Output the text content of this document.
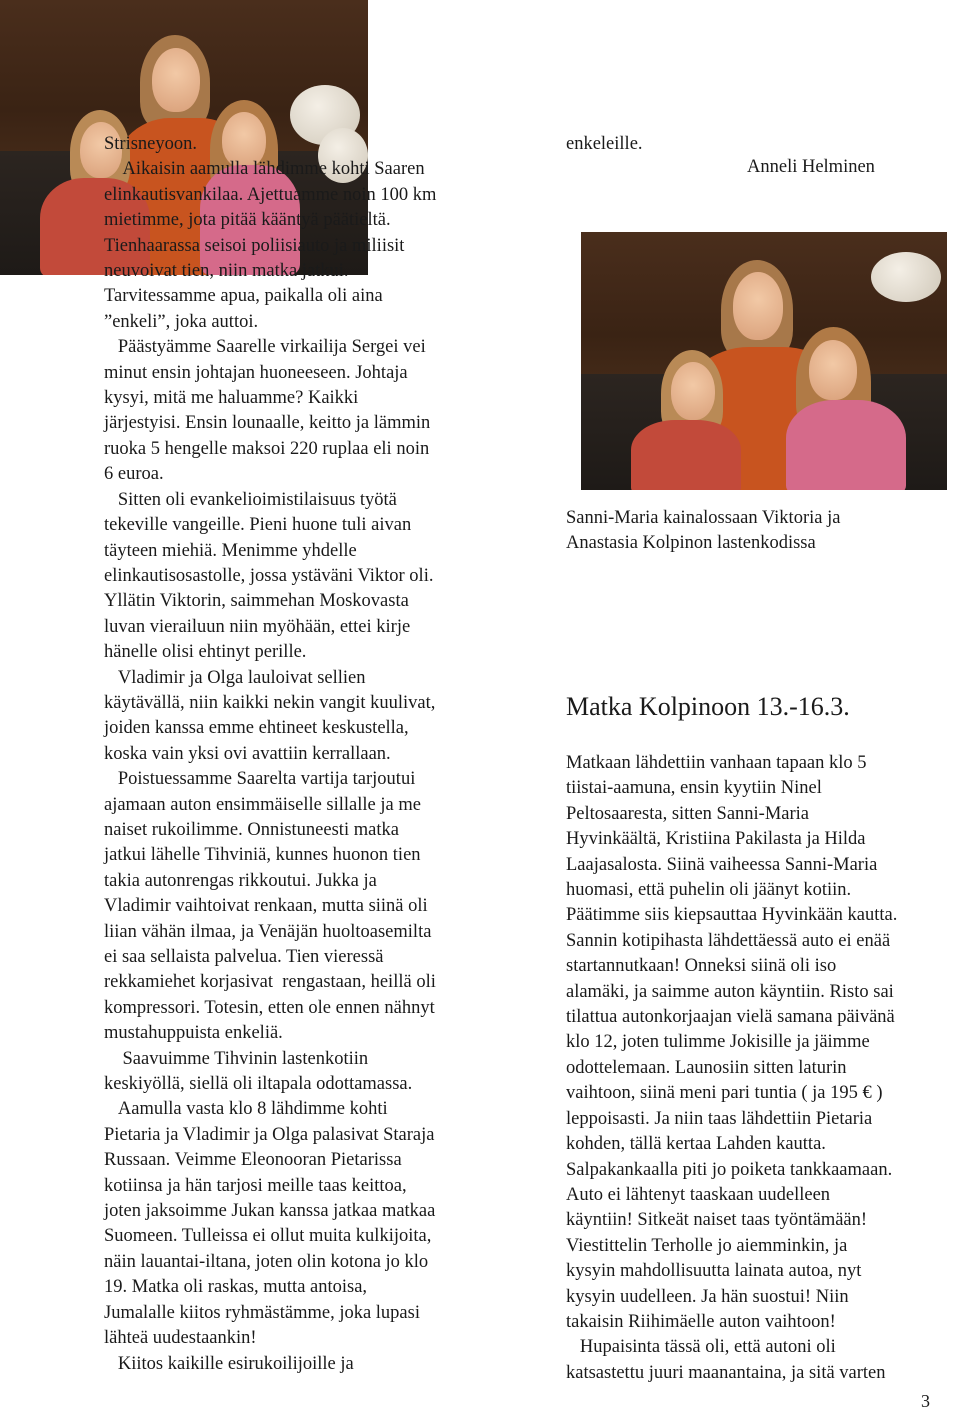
Strisneyoon.
Aikaisin aamulla lähdimme kohti Saaren
elinkautisvankilaa. Ajettuamme noin 100 km
mietimme, jota pitää kääntyä päätieltä.
Tienhaarassa seisoi poliisiauto ja miliisit
neuvoivat tien, niin matka jatkui.
Tarvitessamme apua, paikalla oli aina
”enkeli”, joka auttoi.
Päästyämme Saarelle virkailija Sergei vei
minut ensin johtajan huoneeseen. Johtaja
kysyi, mitä me haluamme? Kaikki
järjestyisi. Ensin lounaalle, keitto ja lämmin
ruoka 5 hengelle maksoi 220 ruplaa eli noin
6 euroa.
Sitten oli evankelioimistilaisuus työtä
tekeville vangeille. Pieni huone tuli aivan
täyteen miehiä. Menimme yhdelle
elinkautisosastolle, jossa ystäväni Viktor oli.
Yllätin Viktorin, saimmehan Moskovasta
luvan vierailuun niin myöhään, ettei kirje
hänelle olisi ehtinyt perille.
Vladimir ja Olga lauloivat sellien
käytävällä, niin kaikki nekin vangit kuulivat,
joiden kanssa emme ehtineet keskustella,
koska vain yksi ovi avattiin kerrallaan.
Poistuessamme Saarelta vartija tarjoutui
ajamaan auton ensimmäiselle sillalle ja me
naiset rukoilimme. Onnistuneesti matka
jatkui lähelle Tihviniä, kunnes huonon tien
takia autonrengas rikkoutui. Jukka ja
Vladimir vaihtoivat renkaan, mutta siinä oli
liian vähän ilmaa, ja Venäjän huoltoasemilta
ei saa sellaista palvelua. Tien vieressä
rekkamiehet korjasivat  rengastaan, heillä oli
kompressori. Totesin, etten ole ennen nähnyt
mustahuppuista enkeliä.
Saavuimme Tihvinin lastenkotiin
keskiyöllä, siellä oli iltapala odottamassa.
Aamulla vasta klo 8 lähdimme kohti
Pietaria ja Vladimir ja Olga palasivat Staraja
Russaan. Veimme Eleonooran Pietarissa
kotiinsa ja hän tarjosi meille taas keittoa,
joten jaksoimme Jukan kanssa jatkaa matkaa
Suomeen. Tulleissa ei ollut muita kulkijoita,
näin lauantai-iltana, joten olin kotona jo klo
19. Matka oli raskas, mutta antoisa,
Jumalalle kiitos ryhmästämme, joka lupasi
lähteä uudestaankin!
Kiitos kaikille esirukoilijoille ja
enkeleille.
Anneli Helminen
Sanni-Maria kainalossaan Viktoria ja
Anastasia Kolpinon lastenkodissa
Matka Kolpinoon 13.-16.3.
Matkaan lähdettiin vanhaan tapaan klo 5
tiistai-aamuna, ensin kyytiin Ninel
Peltosaaresta, sitten Sanni-Maria
Hyvinkäältä, Kristiina Pakilasta ja Hilda
Laajasalosta. Siinä vaiheessa Sanni-Maria
huomasi, että puhelin oli jäänyt kotiin.
Päätimme siis kiepsauttaa Hyvinkään kautta.
Sannin kotipihasta lähdettäessä auto ei enää
startannutkaan! Onneksi siinä oli iso
alamäki, ja saimme auton käyntiin. Risto sai
tilattua autonkorjaajan vielä samana päivänä
klo 12, joten tulimme Jokisille ja jäimme
odottelemaan. Launosiin sitten laturin
vaihtoon, siinä meni pari tuntia ( ja 195 € )
leppoisasti. Ja niin taas lähdettiin Pietaria
kohden, tällä kertaa Lahden kautta.
Salpakankaalla piti jo poiketa tankkaamaan.
Auto ei lähtenyt taaskaan uudelleen
käyntiin! Sitkeät naiset taas työntämään!
Viestittelin Terholle jo aiemminkin, ja
kysyin mahdollisuutta lainata autoa, nyt
kysyin uudelleen. Ja hän suostui! Niin
takaisin Riihimäelle auton vaihtoon!
Hupaisinta tässä oli, että autoni oli
katsastettu juuri maanantaina, ja sitä varten
3
